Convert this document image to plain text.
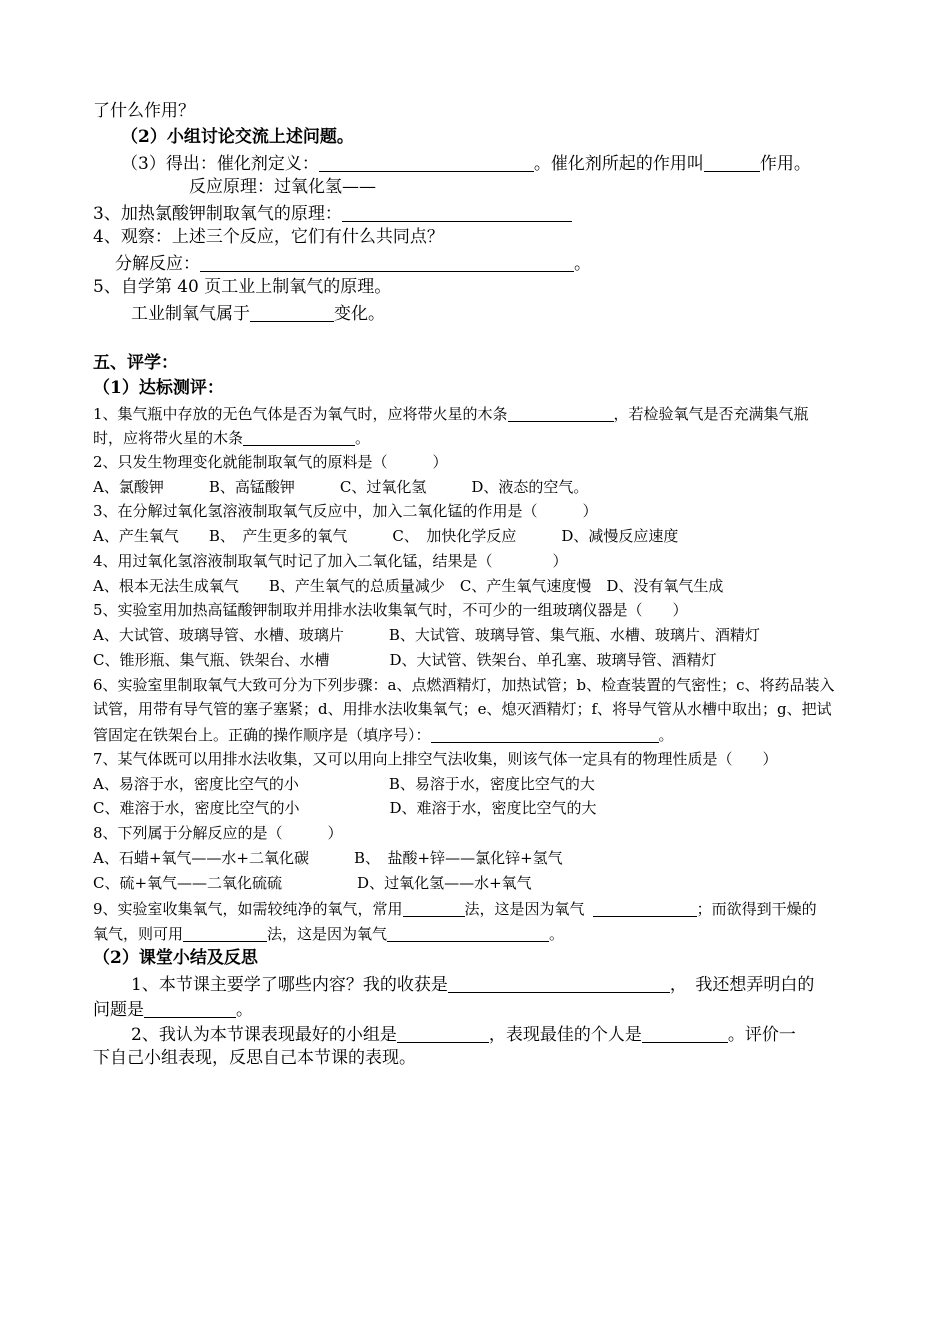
了什么作用？
（2）小组讨论交流上述问题。
（3）得出：催化剂定义：	。催化剂所起的作用叫	作用。
反应原理：过氧化氢——
3、加热氯酸钾制取氧气的原理：
4、观察：上述三个反应，它们有什么共同点？
分解反应：	。
5、自学第 40 页工业上制氧气的原理。
工业制氧气属于	变化。
五、评学：
（1）达标测评：
1、集气瓶中存放的无色气体是否为氧气时，应将带火星的木条	，若检验氧气是否充满集气瓶
时，应将带火星的木条	。
2、只发生物理变化就能制取氧气的原料是（　　　）
A、氯酸钾　　　B、高锰酸钾　　　C、过氧化氢　　　D、液态的空气。
3、在分解过氧化氢溶液制取氧气反应中，加入二氧化锰的作用是（　　　）
A、产生氧气　　B、　产生更多的氧气　　　C、　加快化学反应　　　D、减慢反应速度
4、用过氧化氢溶液制取氧气时记了加入二氧化锰，结果是（　　　　）
A、根本无法生成氧气　　B、产生氧气的总质量减少　C、产生氧气速度慢　D、没有氧气生成
5、实验室用加热高锰酸钾制取并用排水法收集氧气时，不可少的一组玻璃仪器是（　　）
A、大试管、玻璃导管、水槽、玻璃片　　　B、大试管、玻璃导管、集气瓶、水槽、玻璃片、酒精灯
C、锥形瓶、集气瓶、铁架台、水槽　　　　D、大试管、铁架台、单孔塞、玻璃导管、酒精灯
6、实验室里制取氧气大致可分为下列步骤：a、点燃酒精灯，加热试管；b、检查装置的气密性；c、将药品装入
试管，用带有导气管的塞子塞紧；d、用排水法收集氧气；e、熄灭酒精灯；f、将导气管从水槽中取出；g、把试
管固定在铁架台上。正确的操作顺序是（填序号）：	。
7、某气体既可以用排水法收集，又可以用向上排空气法收集，则该气体一定具有的物理性质是（　　）
A、易溶于水，密度比空气的小　　　　　　B、易溶于水，密度比空气的大
C、难溶于水，密度比空气的小　　　　　　D、难溶于水，密度比空气的大
8、下列属于分解反应的是（　　　）
A、石蜡+氧气——水+二氧化碳　　　B、　盐酸+锌——氯化锌+氢气
C、硫+氧气——二氧化硫硫　　　　　D、过氧化氢——水+氧气
9、实验室收集氧气，如需较纯净的氧气，常用	法，这是因为氧气	；而欲得到干燥的
氧气，则可用	法，这是因为氧气	。
（2）课堂小结及反思
1、本节课主要学了哪些内容？我的收获是	，　我还想弄明白的
问题是	。
2、我认为本节课表现最好的小组是	，表现最佳的个人是	。评价一
下自己小组表现，反思自己本节课的表现。
